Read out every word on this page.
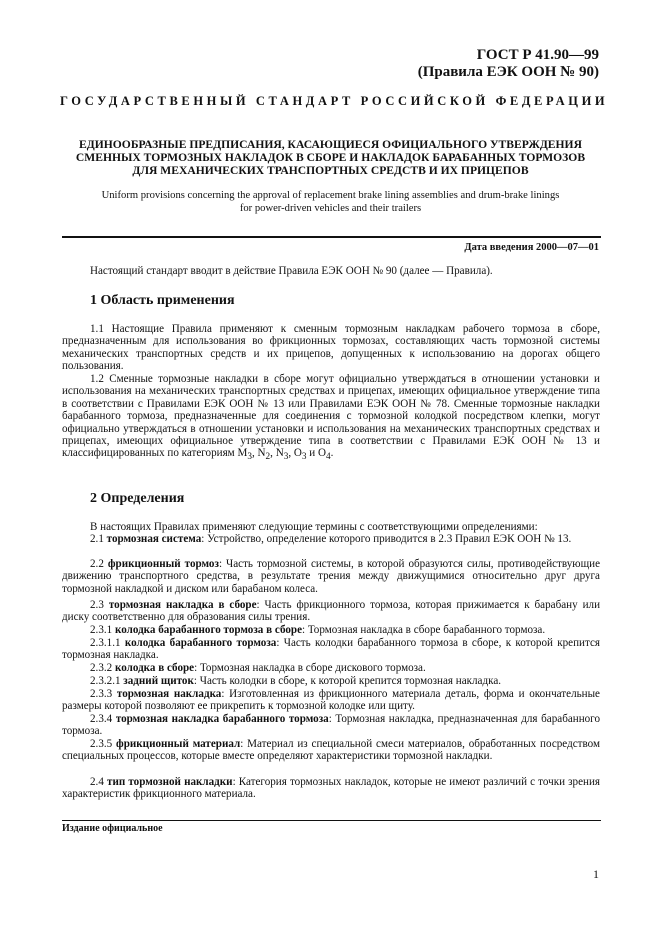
ГОСТ Р 41.90—99
(Правила ЕЭК ООН № 90)
ГОСУДАРСТВЕННЫЙ СТАНДАРТ РОССИЙСКОЙ ФЕДЕРАЦИИ
ЕДИНООБРАЗНЫЕ ПРЕДПИСАНИЯ, КАСАЮЩИЕСЯ ОФИЦИАЛЬНОГО УТВЕРЖДЕНИЯ
СМЕННЫХ ТОРМОЗНЫХ НАКЛАДОК В СБОРЕ И НАКЛАДОК БАРАБАННЫХ ТОРМОЗОВ
ДЛЯ МЕХАНИЧЕСКИХ ТРАНСПОРТНЫХ СРЕДСТВ И ИХ ПРИЦЕПОВ
Uniform provisions concerning the approval of replacement brake lining assemblies and drum-brake linings
for power-driven vehicles and their trailers
Дата введения 2000—07—01
Настоящий стандарт вводит в действие Правила ЕЭК ООН № 90 (далее — Правила).
1 Область применения
1.1 Настоящие Правила применяют к сменным тормозным накладкам рабочего тормоза в сборе, предназначенным для использования во фрикционных тормозах, составляющих часть тормозной системы механических транспортных средств и их прицепов, допущенных к использованию на дорогах общего пользования.
1.2 Сменные тормозные накладки в сборе могут официально утверждаться в отношении установки и использования на механических транспортных средствах и прицепах, имеющих официальное утверждение типа в соответствии с Правилами ЕЭК ООН № 13 или Правилами ЕЭК ООН № 78. Сменные тормозные накладки барабанного тормоза, предназначенные для соединения с тормозной колодкой посредством клепки, могут официально утверждаться в отношении установки и использования на механических транспортных средствах и прицепах, имеющих официальное утверждение типа в соответствии с Правилами ЕЭК ООН № 13 и классифицированных по категориям $M_3$, $N_2$, $N_3$, $O_3$ и $O_4$.
2 Определения
В настоящих Правилах применяют следующие термины с соответствующими определениями:
2.1 тормозная система: Устройство, определение которого приводится в 2.3 Правил ЕЭК ООН № 13.
2.2 фрикционный тормоз: Часть тормозной системы, в которой образуются силы, противодействующие движению транспортного средства, в результате трения между движущимися относительно друг друга тормозной накладкой и диском или барабаном колеса.
2.3 тормозная накладка в сборе: Часть фрикционного тормоза, которая прижимается к барабану или диску соответственно для образования силы трения.
2.3.1 колодка барабанного тормоза в сборе: Тормозная накладка в сборе барабанного тормоза.
2.3.1.1 колодка барабанного тормоза: Часть колодки барабанного тормоза в сборе, к которой крепится тормозная накладка.
2.3.2 колодка в сборе: Тормозная накладка в сборе дискового тормоза.
2.3.2.1 задний щиток: Часть колодки в сборе, к которой крепится тормозная накладка.
2.3.3 тормозная накладка: Изготовленная из фрикционного материала деталь, форма и окончательные размеры которой позволяют ее прикрепить к тормозной колодке или щиту.
2.3.4 тормозная накладка барабанного тормоза: Тормозная накладка, предназначенная для барабанного тормоза.
2.3.5 фрикционный материал: Материал из специальной смеси материалов, обработанных посредством специальных процессов, которые вместе определяют характеристики тормозной накладки.
2.4 тип тормозной накладки: Категория тормозных накладок, которые не имеют различий с точки зрения характеристик фрикционного материала.
Издание официальное
1
